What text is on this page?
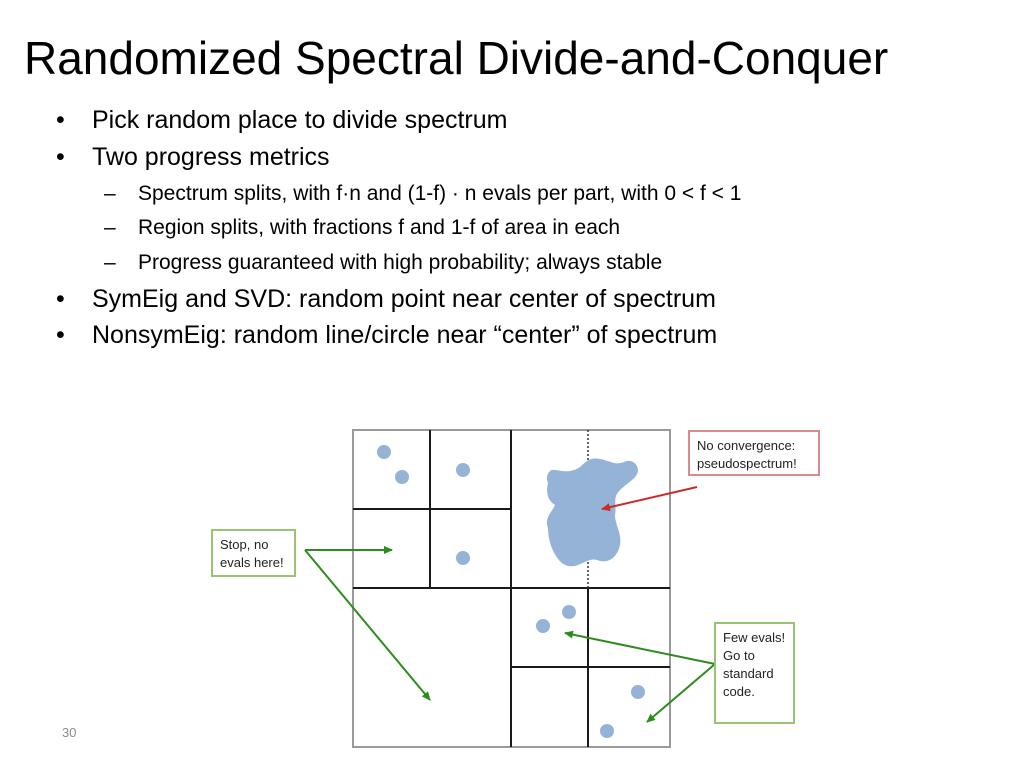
Randomized Spectral Divide-and-Conquer
• Pick random place to divide spectrum
• Two progress metrics
– Spectrum splits, with f·n and (1-f) · n evals per part, with 0 < f < 1
– Region splits, with fractions f and 1-f of area in each
– Progress guaranteed with high probability; always stable
• SymEig and SVD: random point near center of spectrum
• NonsymEig: random line/circle near “center” of spectrum
No convergence:
pseudospectrum!
Stop, no
evals here!
Few evals!
Go to
standard
code.
30
